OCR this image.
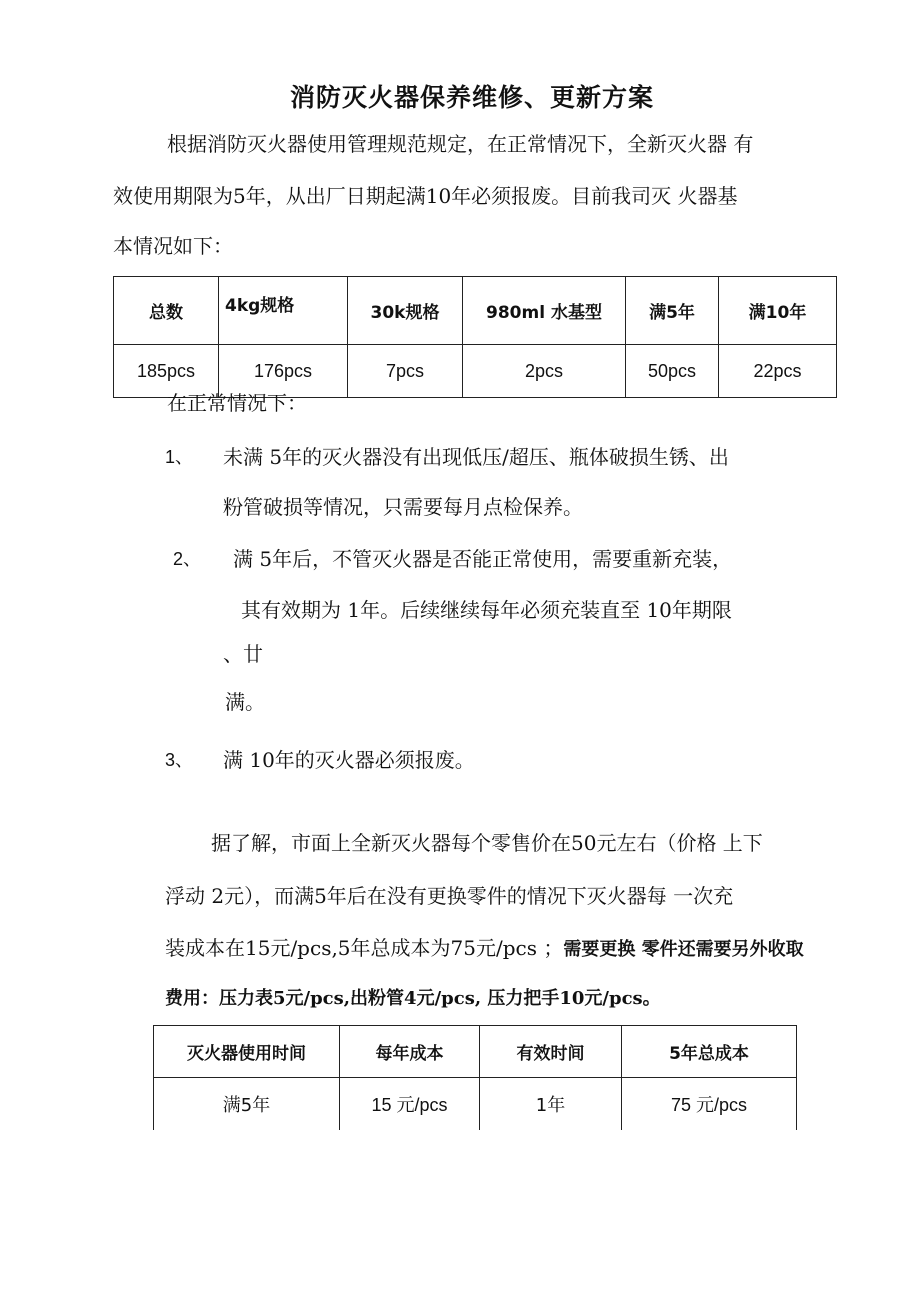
消防灭火器保养维修、更新方案
根据消防灭火器使用管理规范规定，在正常情况下，全新灭火器 有
效使用期限为5年，从出厂日期起满10年必须报废。目前我司灭 火器基
本情况如下：
总数	4kg规格	30k规格	980ml 水基型	满5年	满10年
185pcs	176pcs	7pcs	2pcs	50pcs	22pcs
在正常情况下：
1、 未满 5年的灭火器没有出现低压/超压、瓶体破损生锈、出
粉管破损等情况，只需要每月点检保养。
2、 满 5年后，不管灭火器是否能正常使用，需要重新充装，
其有效期为 1年。后续继续每年必须充装直至 10年期限
、廿
满。
3、 满 10年的灭火器必须报废。
据了解，市面上全新灭火器每个零售价在50元左右（价格 上下
浮动 2元），而满5年后在没有更换零件的情况下灭火器每 一次充
装成本在15元/pcs,5年总成本为75元/pcs ；需要更换 零件还需要另外收取
费用：压力表5元/pcs,出粉管4元/pcs, 压力把手10元/pcs。
灭火器使用时间	每年成本	有效时间	5年总成本
满5年	15 元/pcs	1年	75 元/pcs
